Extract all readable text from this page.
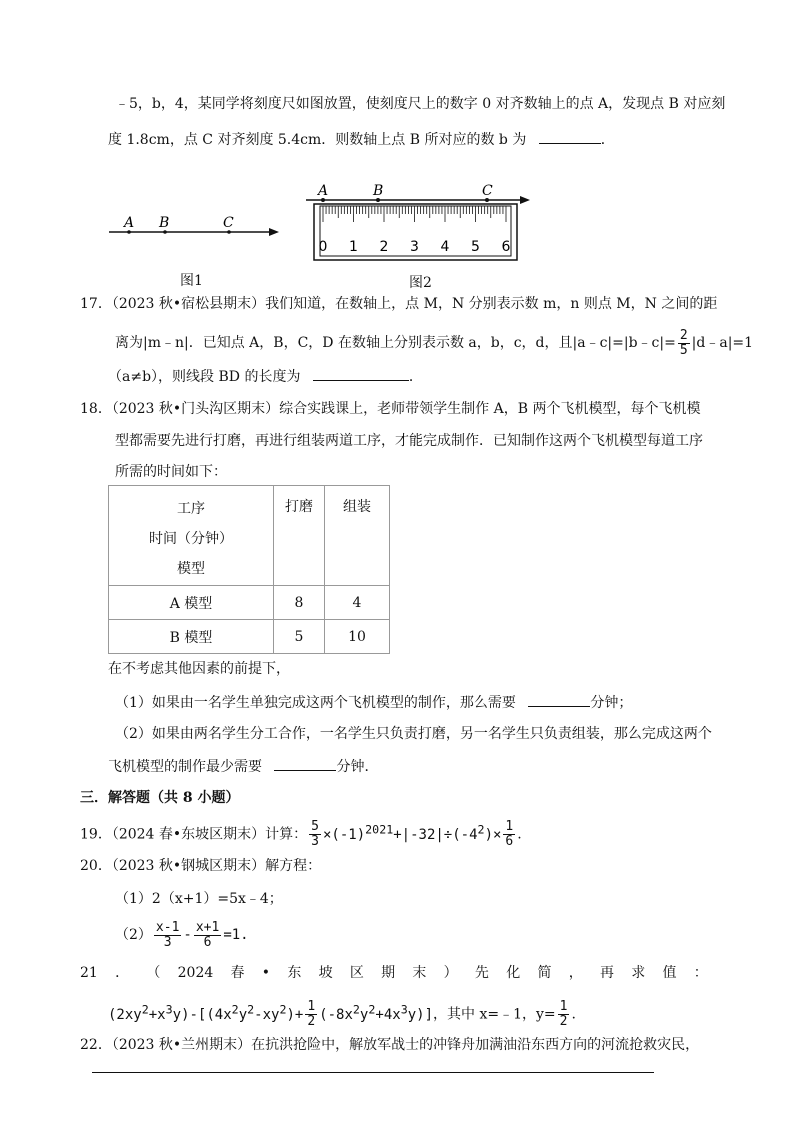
﹣5，b，4，某同学将刻度尺如图放置，使刻度尺上的数字 0 对齐数轴上的点 A，发现点 B 对应刻
度 1.8cm，点 C 对齐刻度 5.4cm．则数轴上点 B 所对应的数 b 为	．
A B	C
图1
A	B	C
0 1 2 3 4 5 6
图2
17．（2023 秋•宿松县期末）我们知道，在数轴上，点 M，N 分别表示数 m，n 则点 M，N 之间的距
离为|m﹣n|．已知点 A，B，C，D 在数轴上分别表示数 a，b，c，d，且|a﹣c|=|b﹣c|= $\frac{2}{5}$ |d﹣a|=1
（a≠b），则线段 BD 的长度为	．
18．（2023 秋•门头沟区期末）综合实践课上，老师带领学生制作 A，B 两个飞机模型，每个飞机模
型都需要先进行打磨，再进行组装两道工序，才能完成制作．已知制作这两个飞机模型每道工序
所需的时间如下：
工序
时间（分钟）
模型	打磨	组装
A 模型	8	4
B 模型	5	10
在不考虑其他因素的前提下，
（1）如果由一名学生单独完成这两个飞机模型的制作，那么需要	分钟；
（2）如果由两名学生分工合作，一名学生只负责打磨，另一名学生只负责组装，那么完成这两个
飞机模型的制作最少需要	分钟．
三．解答题（共 8 小题）
19．（2024 春•东坡区期末）计算： $\frac{5}{3} \times(-1)^{2021}+|-32|\div(-4^2)\times \frac{1}{6}$ .
20．（2023 秋•钢城区期末）解方程：
（1）2（x+1）=5x﹣4；
$(2) \frac{x-1}{3} - \frac{x+1}{6} =1$.
21 ． （ 2024 春 • 东 坡 区 期 末 ） 先 化 简 ， 再 求 值 ：
$(2xy^2+x^3y)-[(4x^2y^2-xy^2)+ \frac{1}{2} (-8x^2y^2+4x^3y)]$，其中 x=﹣1，$y= \frac{1}{2}$ .
22．（2023 秋•兰州期末）在抗洪抢险中，解放军战士的冲锋舟加满油沿东西方向的河流抢救灾民，
